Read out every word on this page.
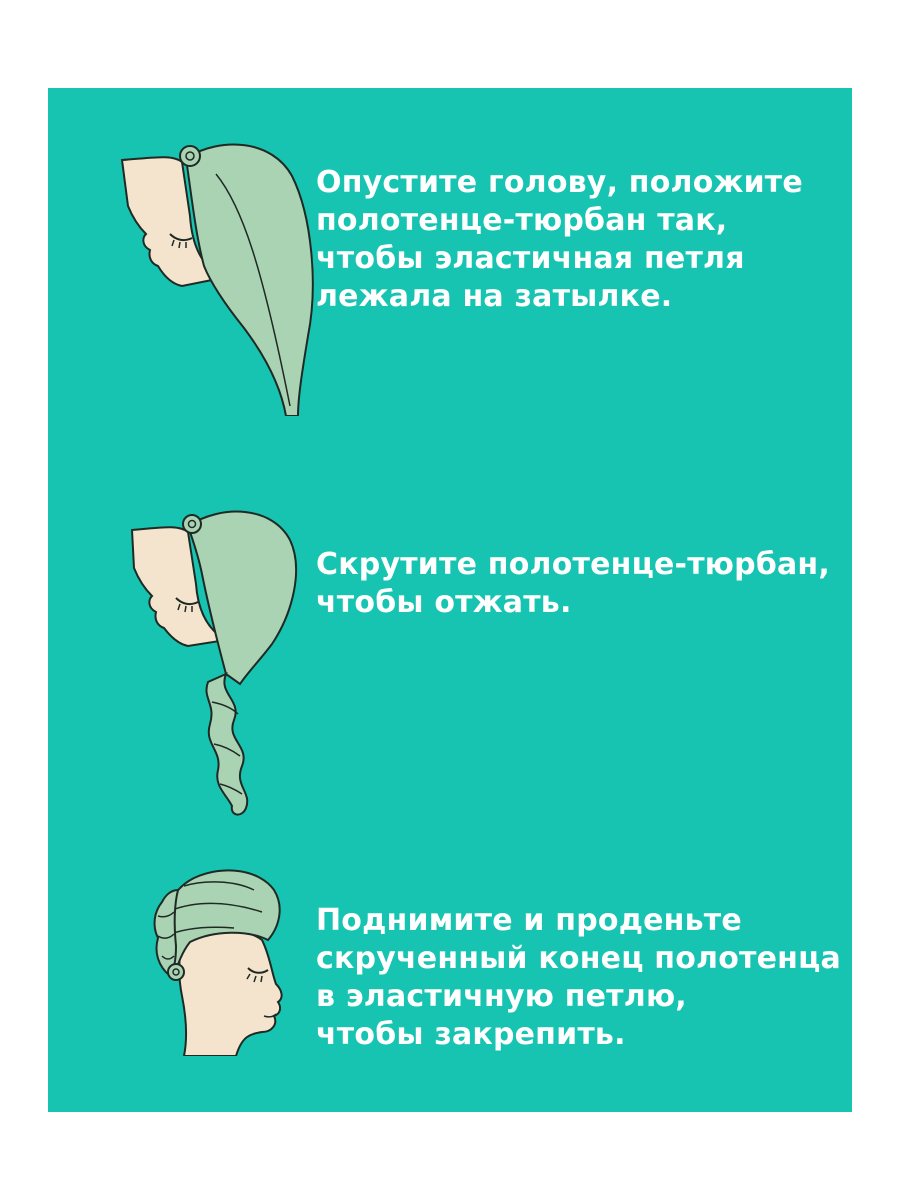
Опустите голову, положите
полотенце-тюрбан так,
чтобы эластичная петля
лежала на затылке.

Скрутите полотенце-тюрбан,
чтобы отжать.

Поднимите и проденьте
скрученный конец полотенца
в эластичную петлю,
чтобы закрепить.
